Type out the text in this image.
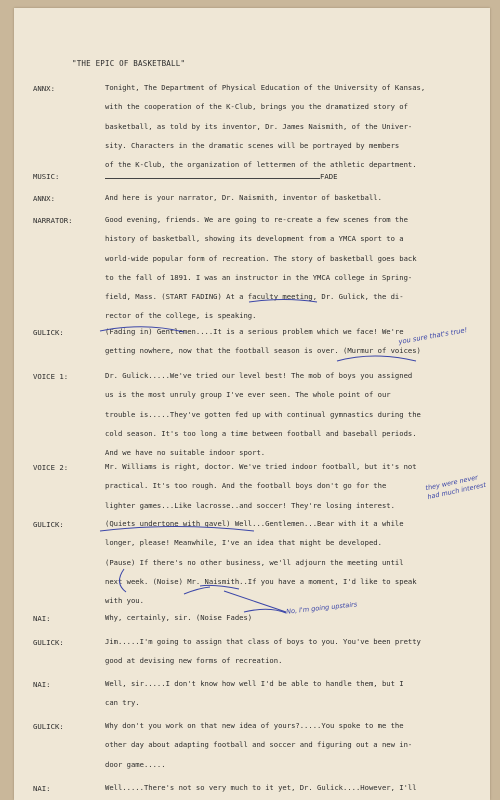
"THE EPIC OF BASKETBALL"
ANNX:	Tonight, The Department of Physical Education of the University of Kansas,
with the cooperation of the K-Club, brings you the dramatized story of
basketball, as told by its inventor, Dr. James Naismith, of the Univer-
sity. Characters in the dramatic scenes will be portrayed by members
of the K-Club, the organization of lettermen of the athletic department.
MUSIC:	FADE
ANNX:	And here is your narrator, Dr. Naismith, inventor of basketball.
NARRATOR:	Good evening, friends. We are going to re-create a few scenes from the
history of basketball, showing its development from a YMCA sport to a
world-wide popular form of recreation. The story of basketball goes back
to the fall of 1891. I was an instructor in the YMCA college in Spring-
field, Mass. (START FADING) At a faculty meeting, Dr. Gulick, the di-
rector of the college, is speaking.
GULICK:	(Fading in) Gentlemen....It is a serious problem which we face! We're
getting nowhere, now that the football season is over. (Murmur of voices)
VOICE 1:	Dr. Gulick.....We've tried our level best! The mob of boys you assigned
us is the most unruly group I've ever seen. The whole point of our
trouble is.....They've gotten fed up with continual gymnastics during the
cold season. It's too long a time between football and baseball periods.
And we have no suitable indoor sport.
VOICE 2:	Mr. Williams is right, doctor. We've tried indoor football, but it's not
practical. It's too rough. And the football boys don't go for the
lighter games...Like lacrosse..and soccer! They're losing interest.
GULICK:	(Quiets undertone with gavel) Well...Gentlemen...Bear with it a while
longer, please! Meanwhile, I've an idea that might be developed.
(Pause) If there's no other business, we'll adjourn the meeting until
next week. (Noise) Mr. Naismith..If you have a moment, I'd like to speak
with you.
NAI:	Why, certainly, sir. (Noise Fades)
GULICK:	Jim.....I'm going to assign that class of boys to you. You've been pretty
good at devising new forms of recreation.
NAI:	Well, sir.....I don't know how well I'd be able to handle them, but I
can try.
GULICK:	Why don't you work on that new idea of yours?.....You spoke to me the
other day about adapting football and soccer and figuring out a new in-
door game.....
NAI:	Well.....There's not so very much to it yet, Dr. Gulick....However, I'll
you sure that's true!
they were never had much interest
No, I'm going upstairs
